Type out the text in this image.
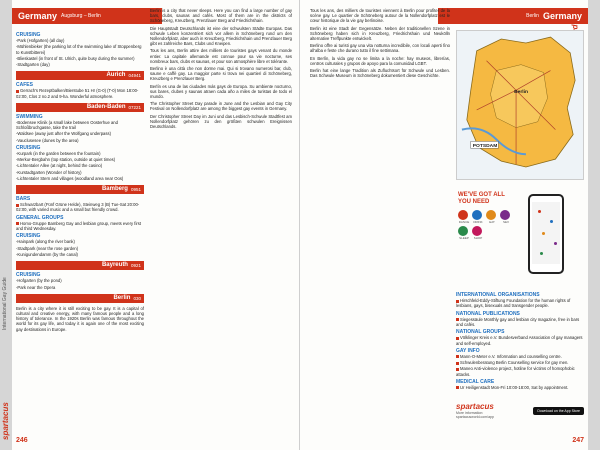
International Gay Guide
spartacus
Germany Augsburg – Berlin
CRUISING
-Park (Hofgarten) (all day)
-Mühlenbieker (the parking lot of the swimming lake of Stoppenberg to Kunstbitterei)
-Blieskastel (in front of St. Ulrich, quite busy during the summer)
-Stadtgarten (day)
Aurich 04941
CAFES
Gerrach's Rezeptbalken/Bierstube 51 Hr (G-0) (T-0) Mon 18:00-02:00, Clos 2 no.2 and 9-ha. Wonderful atmosphere.
Baden-Baden 07221
SWIMMING
-Bodensee Klinik (a small lake between Oosterhue and Schloßbruchgasse, take the trail
-Waldsee (away just after the Wolfgang underpass)
-Vauclusesee (dunes by the area)
CRUISING
-Kurpark (in the garden between the fountain)
-Merkur-Bergbahn (top station, outside at quiet times)
-Lichtentaler Allee (at night, behind the casino)
-Kurstadtgarten (Wonder of history)
-Lichtentaler Stern and villages (woodland area near Oos)
Bamberg 0951
BARS
Schwarzbart (Fünf Grüne Helde), Steinweg 3 (B) Tue-Sat 20:00-02:00, with varied music and a small but friendly crowd.
GENERAL GROUPS
Homo-Gruppe Bamberg Gay and lesbian group, meets every first and third Wednesday.
CRUISING
-Hainpark (along the river bank)
-Stadtpark (near the rose garden)
-Kunigundendamm (by the canal)
Bayreuth 0921
CRUISING
-Hofgarten (by the pond)
-Park near the Opera
Berlin 030

Berlin is a city where it is still exciting to be gay. It is a capital of cultural and creative energy, with many famous people and a long history of tolerance. In the 1920s Berlin was famous throughout the world for its gay life, and today it is again one of the most exciting gay destinations in Europe.

Berlin is a city that never sleeps. Here you can find a large number of gay bars, clubs, saunas and cafés. Most of them are in the districts of Schöneberg, Kreuzberg, Prenzlauer Berg and Friedrichshain.

Die Hauptstadt Deutschlands ist eine der schwulsten Städte Europas. Das schwule Leben konzentriert sich vor allem in Schöneberg rund um den Nollendorfplatz, aber auch in Kreuzberg, Friedrichshain und Prenzlauer Berg gibt es zahlreiche Bars, Clubs und Kneipen.

Tous les ans, Berlin attire des milliers de touristes gays venant du monde entier. La capitale allemande est connue pour sa vie nocturne, ses nombreux bars, clubs et saunas, et pour son atmosphère libre et tolérante.

Berlino è una città che non dorme mai. Qui si trovano numerosi bar, club, saune e caffè gay. La maggior parte si trova nei quartieri di Schöneberg, Kreuzberg e Prenzlauer Berg.

Berlín es una de las ciudades más gays de Europa. Su ambiente nocturno, sus bares, clubes y saunas atraen cada año a miles de turistas de todo el mundo.

The Christopher Street Day parade in June and the Lesbian and Gay City Festival on Nollendorfplatz are among the biggest gay events in Germany.

Der Christopher Street Day im Juni und das Lesbisch-Schwule Stadtfest am Nollendorfplatz gehören zu den größten schwulen Ereignissen Deutschlands.

246
Berlin Germany

Tous les ans, des milliers de touristes viennent à Berlin pour profiter de la scène gay. Le quartier de Schöneberg autour de la Nollendorfplatz est le cœur historique de la vie gay berlinoise.

Berlin ist eine Stadt der Gegensätze. Neben der traditionellen Szene in Schöneberg haben sich in Kreuzberg, Friedrichshain und Neukölln alternative Treffpunkte entwickelt.

Berlino offre ai turisti gay una vita notturna incredibile, con locali aperti fino all'alba e feste che durano tutto il fine settimana.

En Berlín, la vida gay no se limita a la noche: hay museos, librerías, centros culturales y grupos de apoyo para la comunidad LGBT.

Berlin hat eine lange Tradition als Zufluchtsort für Schwule und Lesben. Das Schwule Museum in Schöneberg dokumentiert diese Geschichte.

POTSDAM
Berlin
WE'VE GOT ALL YOU NEED
DANCE	DRINK	EAT	SEX
SLEEP	SHOP
INTERNATIONAL ORGANISATIONS
Hirschfeld-Eddy-Stiftung Foundation for the human rights of lesbians, gays, bisexuals and transgender people.
NATIONAL PUBLICATIONS
Siegessäule Monthly gay and lesbian city magazine, free in bars and cafés.
NATIONAL GROUPS
Völklinger Kreis e.V. Bundesverband Association of gay managers and self-employed.
GAY INFO
Mann-O-Meter e.V. Information and counselling centre.
Schwulenberatung Berlin Counselling service for gay men.
Maneo Anti-violence project, hotline for victims of homophobic attacks.
MEDICAL CARE
Ur Heiligenstadt Mon-Fri 10:00-18:00, Sat by appointment.
spartacus
More information:
spartacusworld.com/app
Download on the App Store
247
